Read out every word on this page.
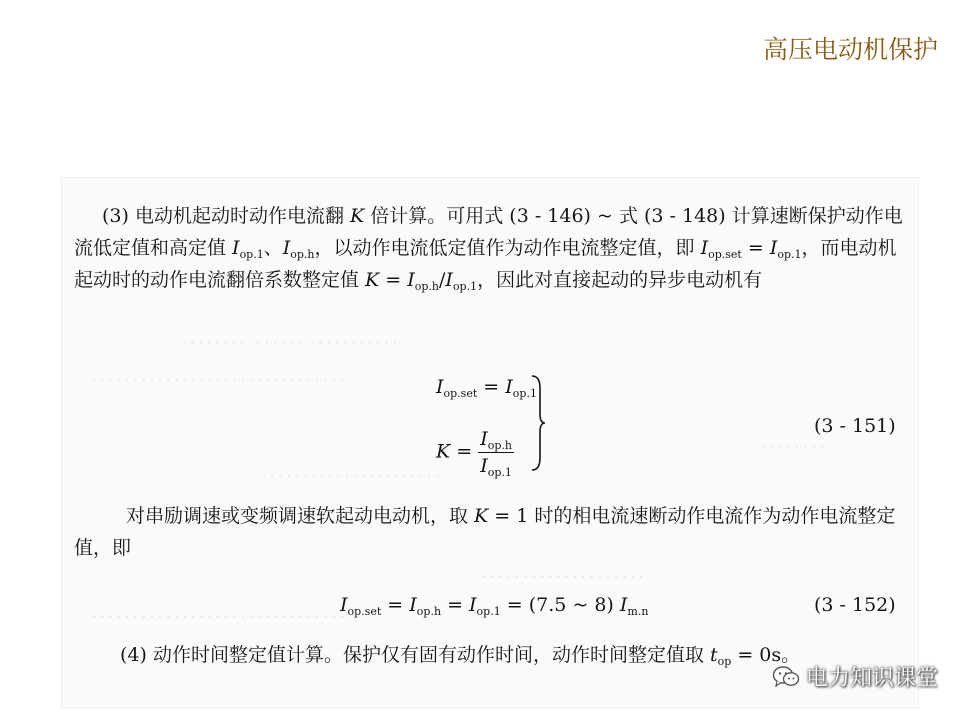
高压电动机保护
· · · · · · · ·   · · · · · ·  · · · · · · · · · · ·
· · · · · · · · · · · · · · · · · · · · · · · · · · · · · · ·
· · · · · · · ·
· · · · · · · · · · · · · · · · · · · · · ·
· · · · · · · · · · · · · · · · · · · ·
· · · · · · · · · · · · · · · · · · · · · · · · · · · · · · ·

(3) 电动机起动时动作电流翻 K 倍计算。可用式 (3 - 146) ~ 式 (3 - 148) 计算速断保护动作电流低定值和高定值 $I_{op.1}$、$I_{op.h}$，以动作电流低定值作为动作电流整定值，即 $I_{op.set} = I_{op.1}$，而电动机起动时的动作电流翻倍系数整定值 $K = I_{op.h}/I_{op.1}$，因此对直接起动的异步电动机有

$I_{op.set} = I_{op.1}$
$K = \frac{I_{op.h}}{I_{op.1}}$	(3 - 151)

对串励调速或变频调速软起动电动机，取 K = 1 时的相电流速断动作电流作为动作电流整定值，即

$I_{op.set} = I_{op.h} = I_{op.1} = (7.5$ ~ 8) $I_{m.n}$	(3 - 152)

(4) 动作时间整定值计算。保护仅有固有动作时间，动作时间整定值取 $t_{op} = 0s$。

电力知识课堂
